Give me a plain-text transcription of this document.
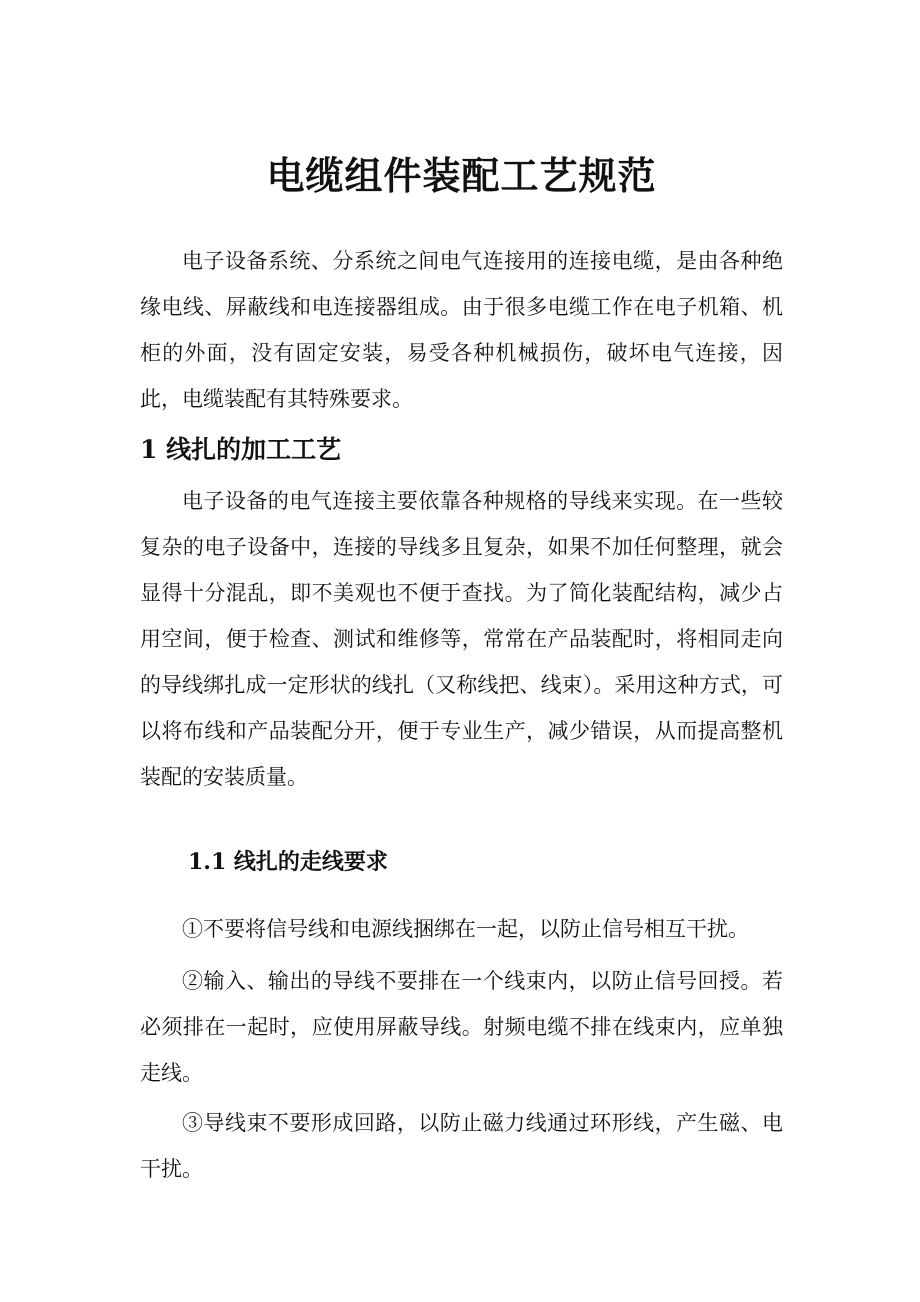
电缆组件装配工艺规范

电子设备系统、分系统之间电气连接用的连接电缆，是由各种绝缘电线、屏蔽线和电连接器组成。由于很多电缆工作在电子机箱、机柜的外面，没有固定安装，易受各种机械损伤，破坏电气连接，因此，电缆装配有其特殊要求。

1 线扎的加工工艺

电子设备的电气连接主要依靠各种规格的导线来实现。在一些较复杂的电子设备中，连接的导线多且复杂，如果不加任何整理，就会显得十分混乱，即不美观也不便于查找。为了简化装配结构，减少占用空间，便于检查、测试和维修等，常常在产品装配时，将相同走向的导线绑扎成一定形状的线扎（又称线把、线束）。采用这种方式，可以将布线和产品装配分开，便于专业生产，减少错误，从而提高整机装配的安装质量。

1.1 线扎的走线要求

①不要将信号线和电源线捆绑在一起，以防止信号相互干扰。

②输入、输出的导线不要排在一个线束内，以防止信号回授。若必须排在一起时，应使用屏蔽导线。射频电缆不排在线束内，应单独走线。

③导线束不要形成回路，以防止磁力线通过环形线，产生磁、电干扰。
